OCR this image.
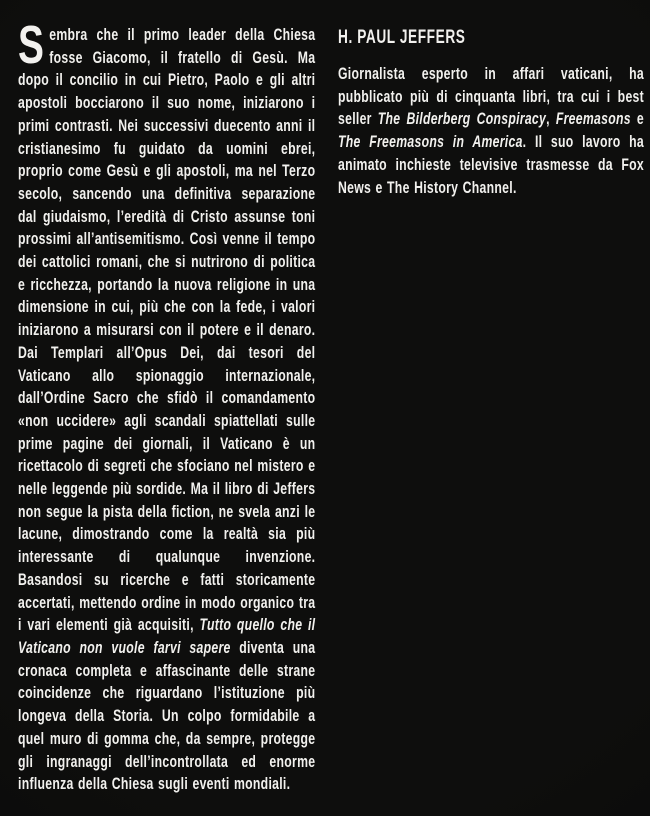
Sembra che il primo leader della Chiesa fosse Giacomo, il fratello di Gesù. Ma dopo il concilio in cui Pietro, Paolo e gli altri apostoli bocciarono il suo nome, iniziarono i primi contrasti. Nei successivi duecento anni il cristianesimo fu guidato da uomini ebrei, proprio come Gesù e gli apostoli, ma nel Terzo secolo, sancendo una definitiva separazione dal giudaismo, l’eredità di Cristo assunse toni prossimi all’antisemitismo. Così venne il tempo dei cattolici romani, che si nutrirono di politica e ricchezza, portando la nuova religione in una dimensione in cui, più che con la fede, i valori iniziarono a misurarsi con il potere e il denaro. Dai Templari all’Opus Dei, dai tesori del Vaticano allo spionaggio internazionale, dall’Ordine Sacro che sfidò il comandamento «non uccidere» agli scandali spiattellati sulle prime pagine dei giornali, il Vaticano è un ricettacolo di segreti che sfociano nel mistero e nelle leggende più sordide. Ma il libro di Jeffers non segue la pista della fiction, ne svela anzi le lacune, dimostrando come la realtà sia più interessante di qualunque invenzione. Basandosi su ricerche e fatti storicamente accertati, mettendo ordine in modo organico tra i vari elementi già acquisiti, Tutto quello che il Vaticano non vuole farvi sapere diventa una cronaca completa e affascinante delle strane coincidenze che riguardano l’istituzione più longeva della Storia. Un colpo formidabile a quel muro di gomma che, da sempre, protegge gli ingranaggi dell’incontrollata ed enorme influenza della Chiesa sugli eventi mondiali.

H. PAUL JEFFERS

Giornalista esperto in affari vaticani, ha pubblicato più di cinquanta libri, tra cui i best seller The Bilderberg Conspiracy, Freemasons e The Freemasons in America. Il suo lavoro ha animato inchieste televisive trasmesse da Fox News e The History Channel.
